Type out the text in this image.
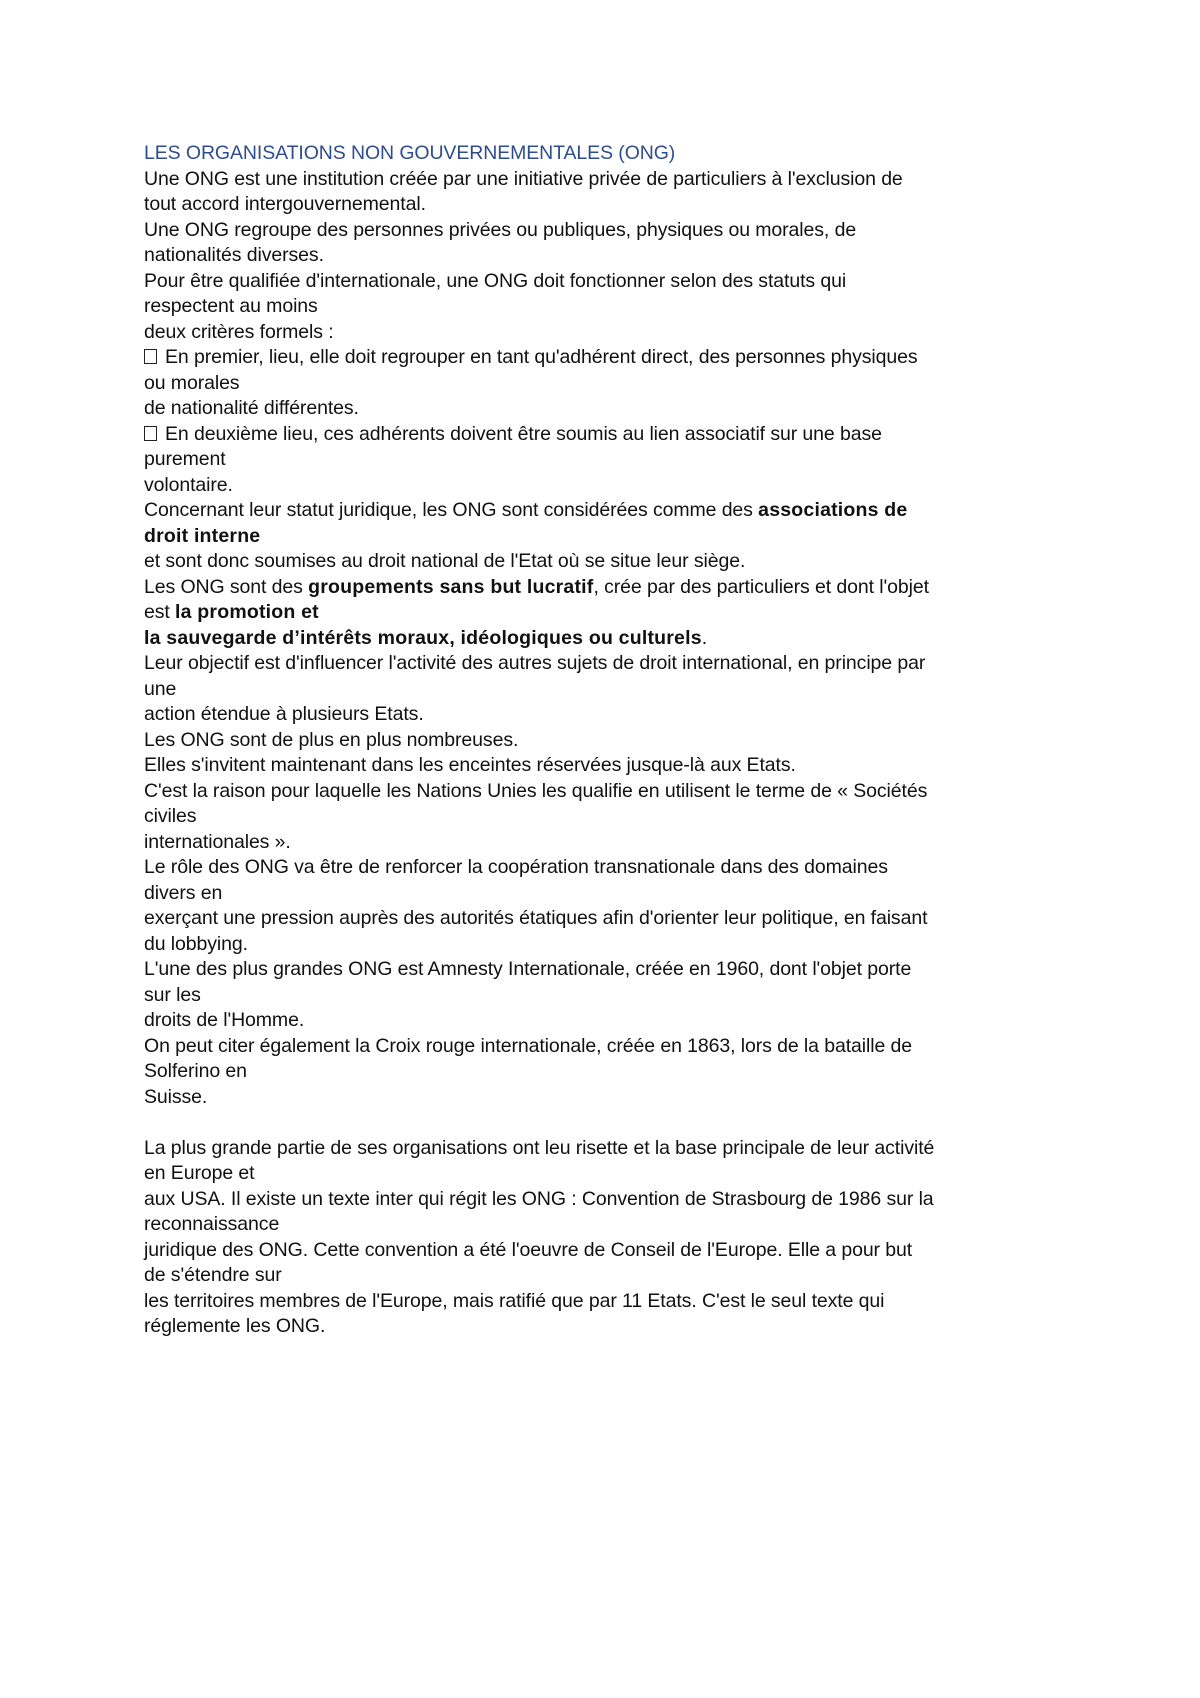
LES ORGANISATIONS NON GOUVERNEMENTALES (ONG)
Une ONG est une institution créée par une initiative privée de particuliers à l'exclusion de
tout accord intergouvernemental.
Une ONG regroupe des personnes privées ou publiques, physiques ou morales, de
nationalités diverses.
Pour être qualifiée d'internationale, une ONG doit fonctionner selon des statuts qui
respectent au moins
deux critères formels :
En premier, lieu, elle doit regrouper en tant qu'adhérent direct, des personnes physiques
ou morales
de nationalité différentes.
En deuxième lieu, ces adhérents doivent être soumis au lien associatif sur une base
purement
volontaire.
Concernant leur statut juridique, les ONG sont considérées comme des associations de
droit interne
et sont donc soumises au droit national de l'Etat où se situe leur siège.
Les ONG sont des groupements sans but lucratif, crée par des particuliers et dont l'objet
est la promotion et
la sauvegarde d’intérêts moraux, idéologiques ou culturels.
Leur objectif est d'influencer l'activité des autres sujets de droit international, en principe par
une
action étendue à plusieurs Etats.
Les ONG sont de plus en plus nombreuses.
Elles s'invitent maintenant dans les enceintes réservées jusque-là aux Etats.
C'est la raison pour laquelle les Nations Unies les qualifie en utilisent le terme de « Sociétés
civiles
internationales ».
Le rôle des ONG va être de renforcer la coopération transnationale dans des domaines
divers en
exerçant une pression auprès des autorités étatiques afin d'orienter leur politique, en faisant
du lobbying.
L'une des plus grandes ONG est Amnesty Internationale, créée en 1960, dont l'objet porte
sur les
droits de l'Homme.
On peut citer également la Croix rouge internationale, créée en 1863, lors de la bataille de
Solferino en
Suisse.
La plus grande partie de ses organisations ont leu risette et la base principale de leur activité
en Europe et
aux USA. Il existe un texte inter qui régit les ONG : Convention de Strasbourg de 1986 sur la
reconnaissance
juridique des ONG. Cette convention a été l'oeuvre de Conseil de l'Europe. Elle a pour but
de s'étendre sur
les territoires membres de l'Europe, mais ratifié que par 11 Etats. C'est le seul texte qui
réglemente les ONG.
